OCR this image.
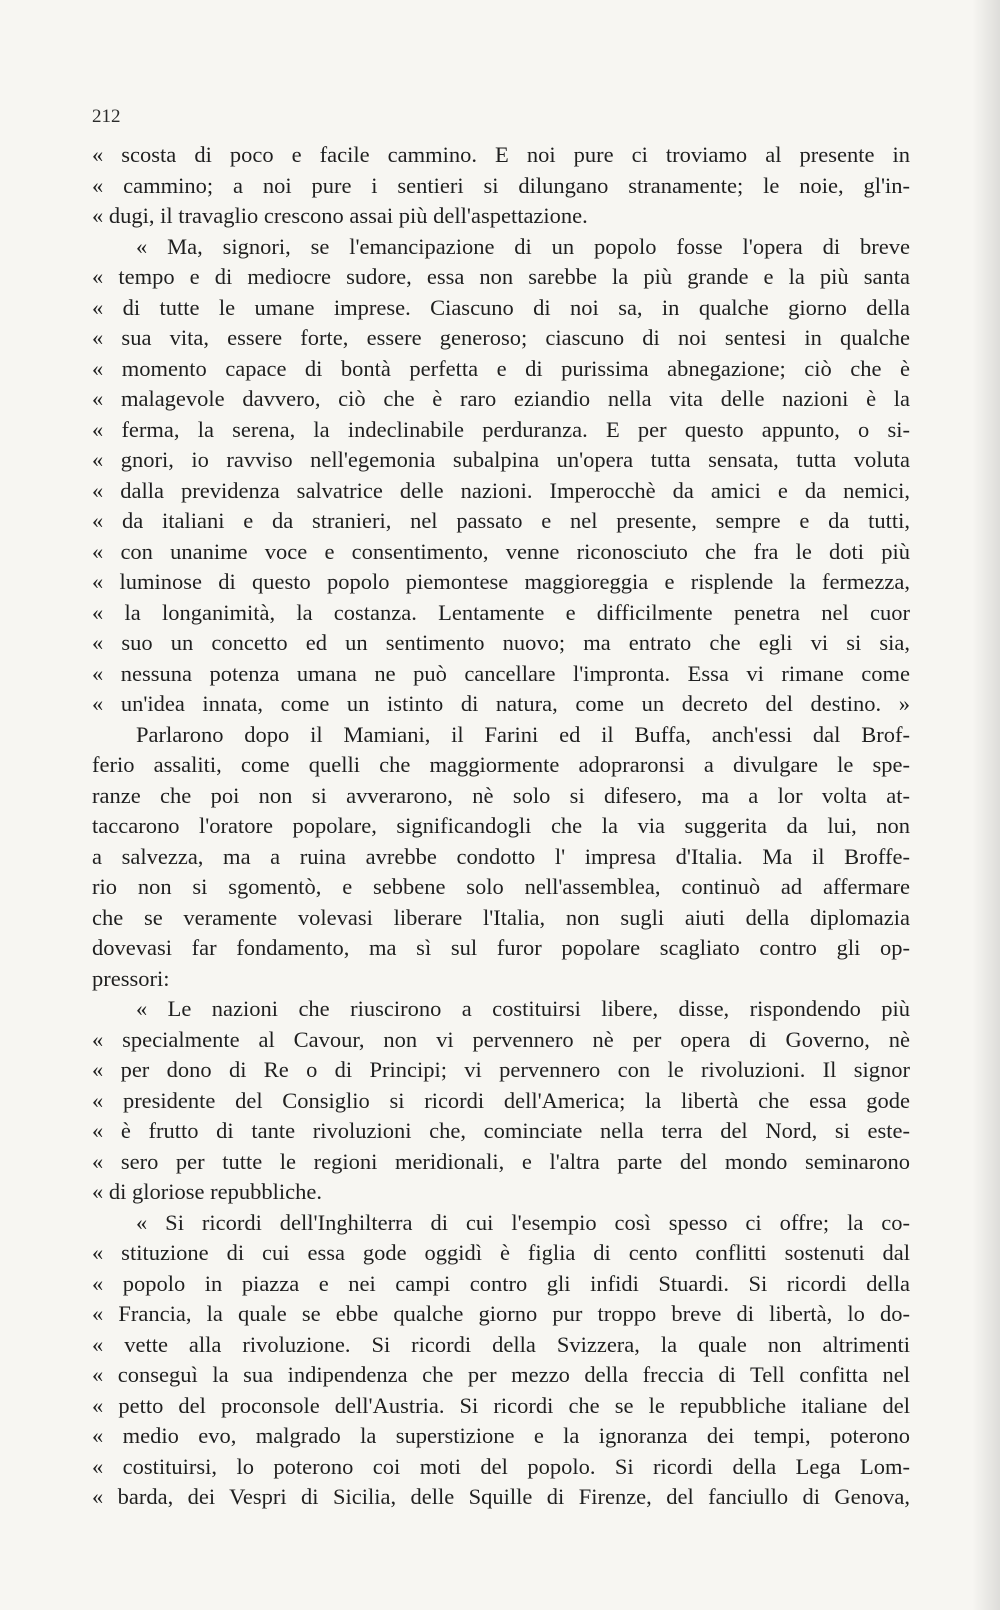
212
« scosta di poco e facile cammino. E noi pure ci troviamo al presente in
« cammino; a noi pure i sentieri si dilungano stranamente; le noie, gl'in-
« dugi, il travaglio crescono assai più dell'aspettazione.
« Ma, signori, se l'emancipazione di un popolo fosse l'opera di breve
« tempo e di mediocre sudore, essa non sarebbe la più grande e la più santa
« di tutte le umane imprese. Ciascuno di noi sa, in qualche giorno della
« sua vita, essere forte, essere generoso; ciascuno di noi sentesi in qualche
« momento capace di bontà perfetta e di purissima abnegazione; ciò che è
« malagevole davvero, ciò che è raro eziandio nella vita delle nazioni è la
« ferma, la serena, la indeclinabile perduranza. E per questo appunto, o si-
« gnori, io ravviso nell'egemonia subalpina un'opera tutta sensata, tutta voluta
« dalla previdenza salvatrice delle nazioni. Imperocchè da amici e da nemici,
« da italiani e da stranieri, nel passato e nel presente, sempre e da tutti,
« con unanime voce e consentimento, venne riconosciuto che fra le doti più
« luminose di questo popolo piemontese maggioreggia e risplende la fermezza,
« la longanimità, la costanza. Lentamente e difficilmente penetra nel cuor
« suo un concetto ed un sentimento nuovo; ma entrato che egli vi si sia,
« nessuna potenza umana ne può cancellare l'impronta. Essa vi rimane come
« un'idea innata, come un istinto di natura, come un decreto del destino. »
Parlarono dopo il Mamiani, il Farini ed il Buffa, anch'essi dal Brof-
ferio assaliti, come quelli che maggiormente adopraronsi a divulgare le spe-
ranze che poi non si avverarono, nè solo si difesero, ma a lor volta at-
taccarono l'oratore popolare, significandogli che la via suggerita da lui, non
a salvezza, ma a ruina avrebbe condotto l' impresa d'Italia. Ma il Broffe-
rio non si sgomentò, e sebbene solo nell'assemblea, continuò ad affermare
che se veramente volevasi liberare l'Italia, non sugli aiuti della diplomazia
dovevasi far fondamento, ma sì sul furor popolare scagliato contro gli op-
pressori:
« Le nazioni che riuscirono a costituirsi libere, disse, rispondendo più
« specialmente al Cavour, non vi pervennero nè per opera di Governo, nè
« per dono di Re o di Principi; vi pervennero con le rivoluzioni. Il signor
« presidente del Consiglio si ricordi dell'America; la libertà che essa gode
« è frutto di tante rivoluzioni che, cominciate nella terra del Nord, si este-
« sero per tutte le regioni meridionali, e l'altra parte del mondo seminarono
« di gloriose repubbliche.
« Si ricordi dell'Inghilterra di cui l'esempio così spesso ci offre; la co-
« stituzione di cui essa gode oggidì è figlia di cento conflitti sostenuti dal
« popolo in piazza e nei campi contro gli infidi Stuardi. Si ricordi della
« Francia, la quale se ebbe qualche giorno pur troppo breve di libertà, lo do-
« vette alla rivoluzione. Si ricordi della Svizzera, la quale non altrimenti
« conseguì la sua indipendenza che per mezzo della freccia di Tell confitta nel
« petto del proconsole dell'Austria. Si ricordi che se le repubbliche italiane del
« medio evo, malgrado la superstizione e la ignoranza dei tempi, poterono
« costituirsi, lo poterono coi moti del popolo. Si ricordi della Lega Lom-
« barda, dei Vespri di Sicilia, delle Squille di Firenze, del fanciullo di Genova,
